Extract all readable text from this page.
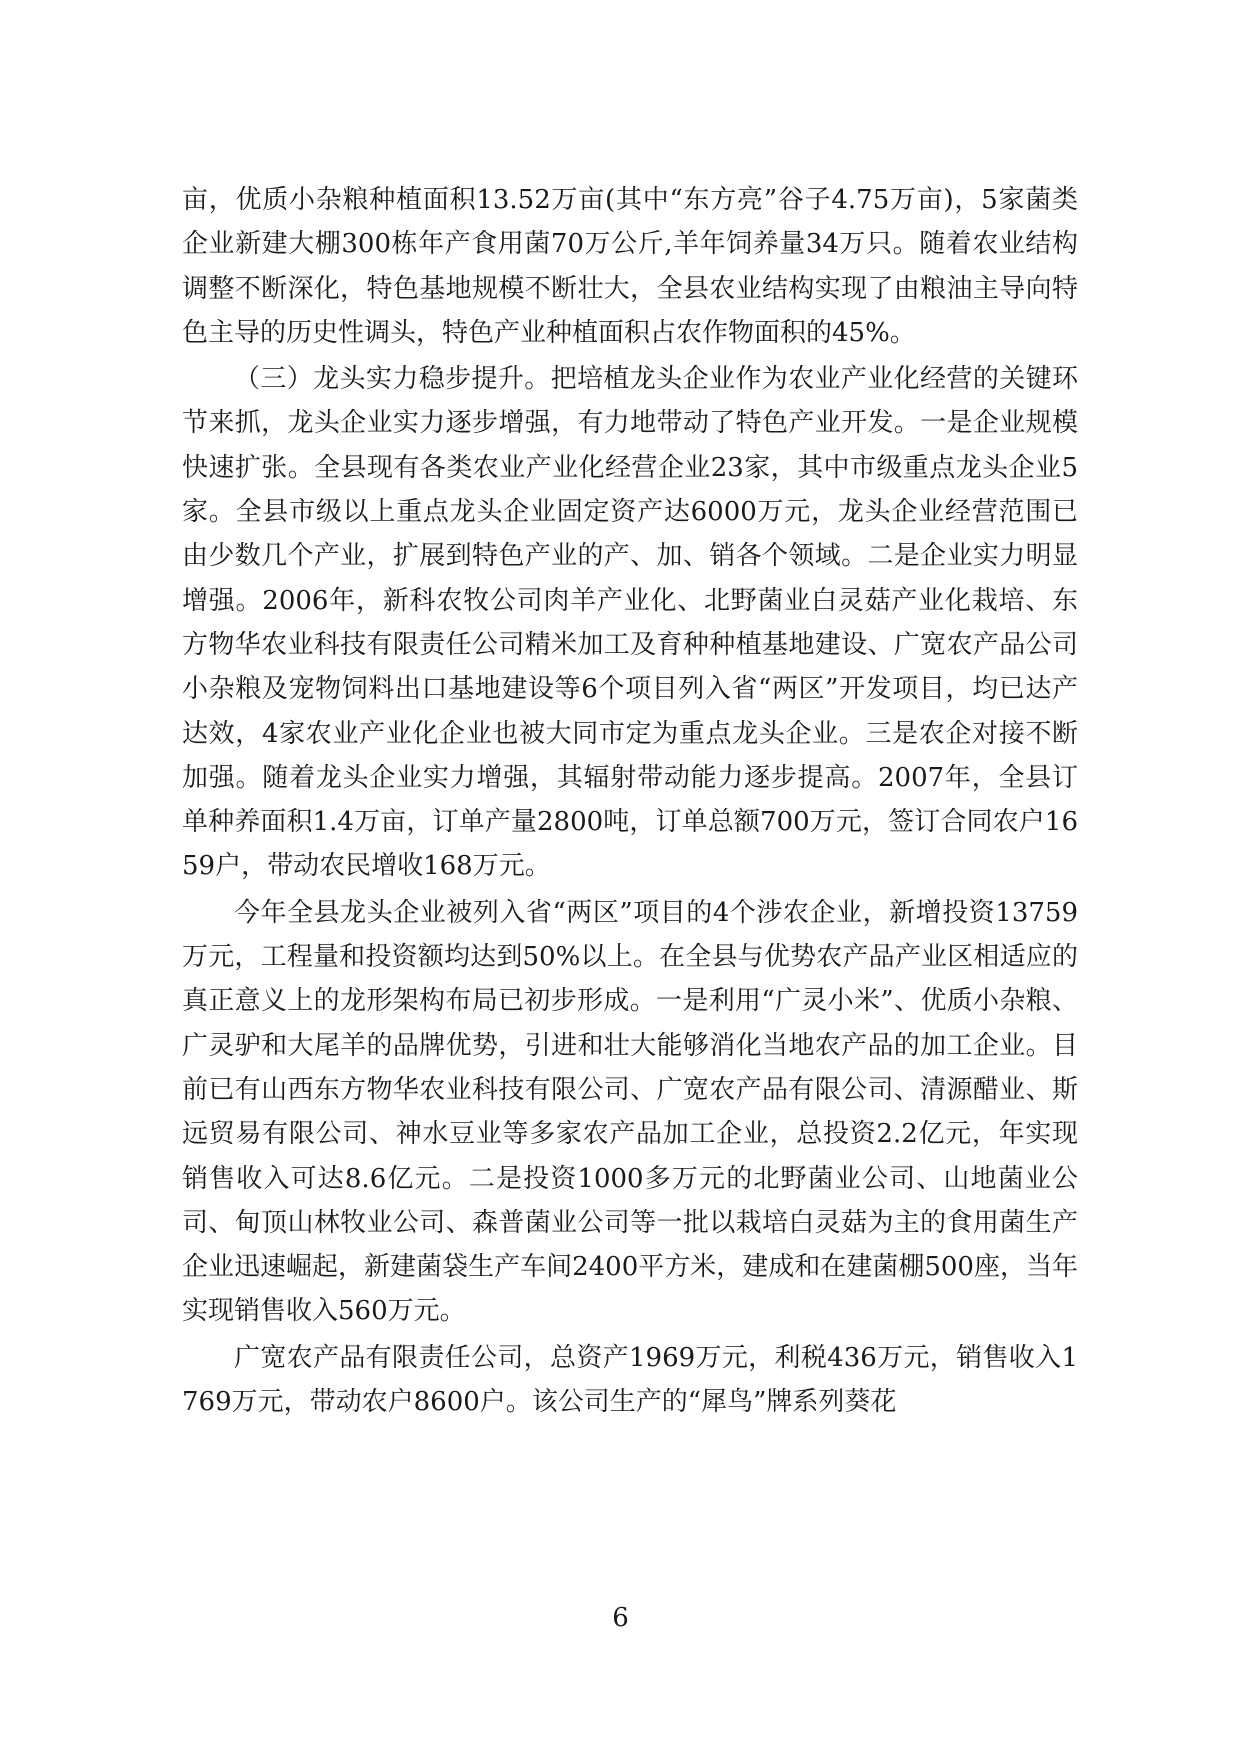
亩，优质小杂粮种植面积13.52万亩(其中“东方亮”谷子4.75万亩)，5家菌类企业新建大棚300栋年产食用菌70万公斤,羊年饲养量34万只。随着农业结构调整不断深化，特色基地规模不断壮大，全县农业结构实现了由粮油主导向特色主导的历史性调头，特色产业种植面积占农作物面积的45%。

（三）龙头实力稳步提升。把培植龙头企业作为农业产业化经营的关键环节来抓，龙头企业实力逐步增强，有力地带动了特色产业开发。一是企业规模快速扩张。全县现有各类农业产业化经营企业23家，其中市级重点龙头企业5家。全县市级以上重点龙头企业固定资产达6000万元，龙头企业经营范围已由少数几个产业，扩展到特色产业的产、加、销各个领域。二是企业实力明显增强。2006年，新科农牧公司肉羊产业化、北野菌业白灵菇产业化栽培、东方物华农业科技有限责任公司精米加工及育种种植基地建设、广宽农产品公司小杂粮及宠物饲料出口基地建设等6个项目列入省“两区”开发项目，均已达产达效，4家农业产业化企业也被大同市定为重点龙头企业。三是农企对接不断加强。随着龙头企业实力增强，其辐射带动能力逐步提高。2007年，全县订单种养面积1.4万亩，订单产量2800吨，订单总额700万元，签订合同农户1659户，带动农民增收168万元。

今年全县龙头企业被列入省“两区”项目的4个涉农企业，新增投资13759万元，工程量和投资额均达到50%以上。在全县与优势农产品产业区相适应的真正意义上的龙形架构布局已初步形成。一是利用“广灵小米”、优质小杂粮、广灵驴和大尾羊的品牌优势，引进和壮大能够消化当地农产品的加工企业。目前已有山西东方物华农业科技有限公司、广宽农产品有限公司、清源醋业、斯远贸易有限公司、神水豆业等多家农产品加工企业，总投资2.2亿元，年实现销售收入可达8.6亿元。二是投资1000多万元的北野菌业公司、山地菌业公司、甸顶山林牧业公司、森普菌业公司等一批以栽培白灵菇为主的食用菌生产企业迅速崛起，新建菌袋生产车间2400平方米，建成和在建菌棚500座，当年实现销售收入560万元。

广宽农产品有限责任公司，总资产1969万元，利税436万元，销售收入1769万元，带动农户8600户。该公司生产的“犀鸟”牌系列葵花

6
